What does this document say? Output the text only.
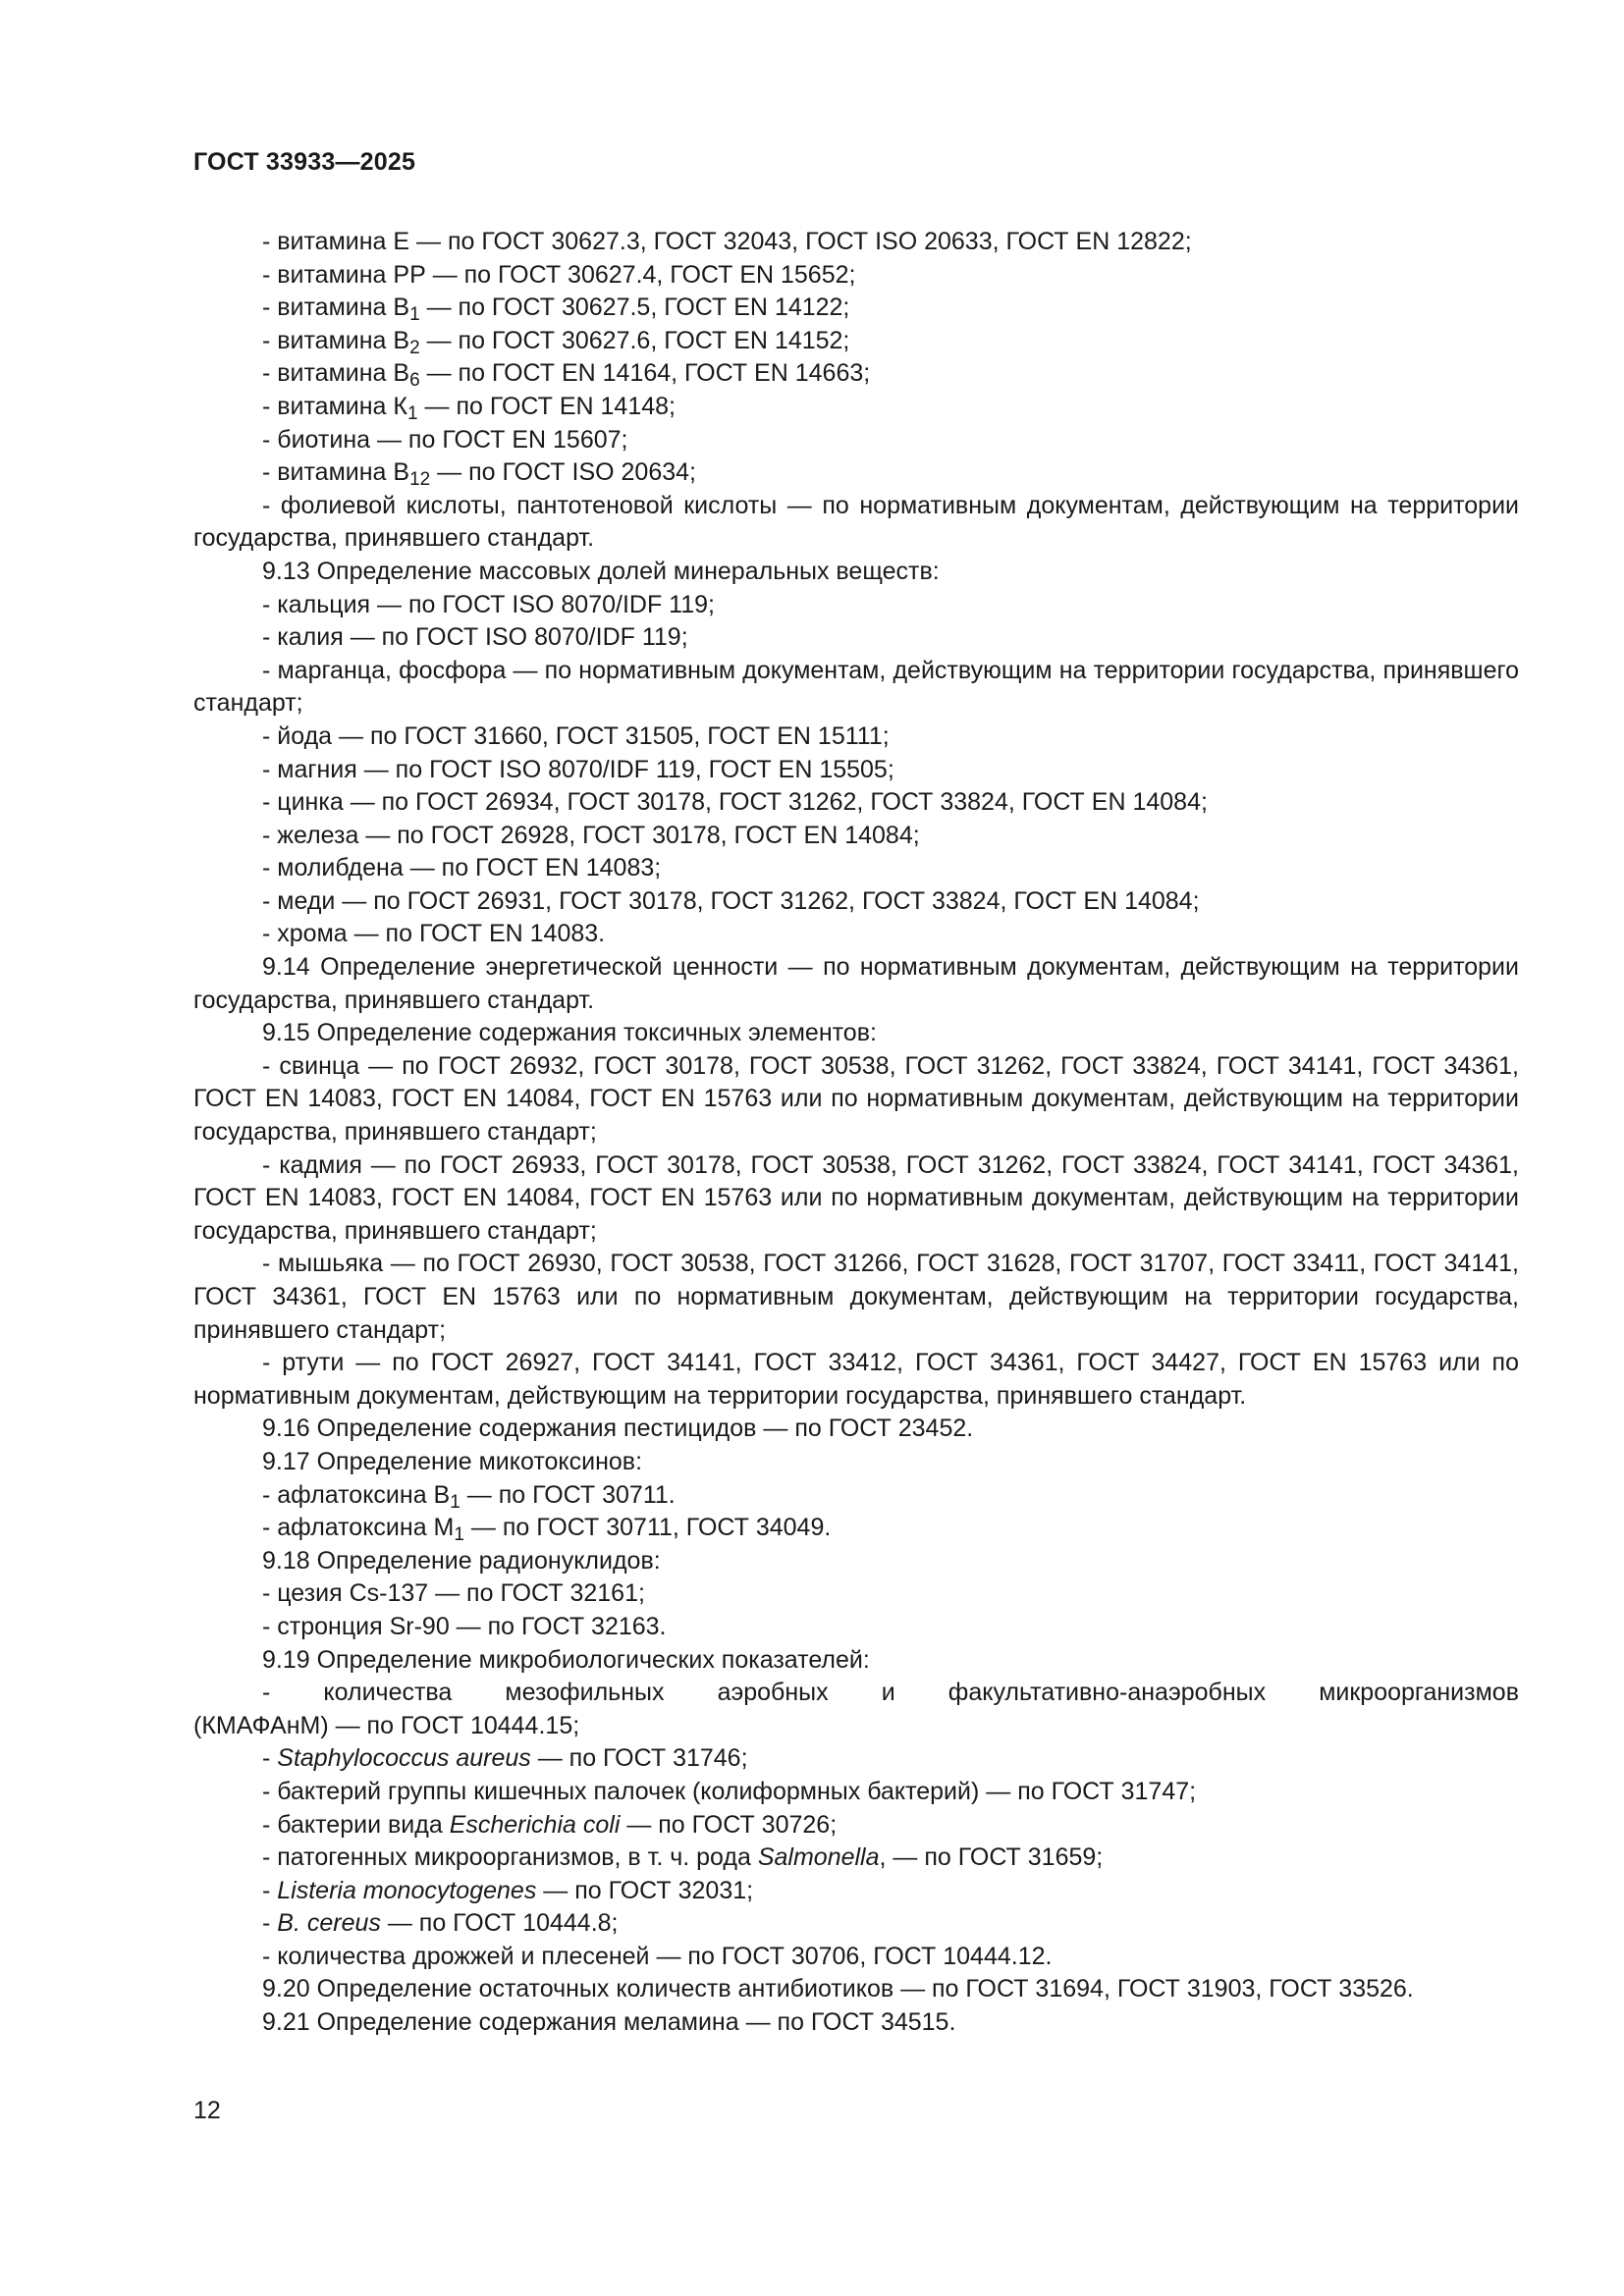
ГОСТ 33933—2025

- витамина Е — по ГОСТ 30627.3, ГОСТ 32043, ГОСТ ISO 20633, ГОСТ EN 12822;

- витамина РР — по ГОСТ 30627.4, ГОСТ EN 15652;

- витамина $В_1$ — по ГОСТ 30627.5, ГОСТ EN 14122;

- витамина $В_2$ — по ГОСТ 30627.6, ГОСТ EN 14152;

- витамина $В_6$ — по ГОСТ EN 14164, ГОСТ EN 14663;

- витамина $К_1$ — по ГОСТ EN 14148;

- биотина — по ГОСТ EN 15607;

- витамина $В_{12}$ — по ГОСТ ISO 20634;

- фолиевой кислоты, пантотеновой кислоты — по нормативным документам, действующим на территории государства, принявшего стандарт.

9.13 Определение массовых долей минеральных веществ:

- кальция — по ГОСТ ISO 8070/IDF 119;

- калия — по ГОСТ ISO 8070/IDF 119;

- марганца, фосфора — по нормативным документам, действующим на территории государства, принявшего стандарт;

- йода — по ГОСТ 31660, ГОСТ 31505, ГОСТ EN 15111;

- магния — по ГОСТ ISO 8070/IDF 119, ГОСТ EN 15505;

- цинка — по ГОСТ 26934, ГОСТ 30178, ГОСТ 31262, ГОСТ 33824, ГОСТ EN 14084;

- железа — по ГОСТ 26928, ГОСТ 30178, ГОСТ EN 14084;

- молибдена — по ГОСТ EN 14083;

- меди — по ГОСТ 26931, ГОСТ 30178, ГОСТ 31262, ГОСТ 33824, ГОСТ EN 14084;

- хрома — по ГОСТ EN 14083.

9.14 Определение энергетической ценности — по нормативным документам, действующим на территории государства, принявшего стандарт.

9.15 Определение содержания токсичных элементов:

- свинца — по ГОСТ 26932, ГОСТ 30178, ГОСТ 30538, ГОСТ 31262, ГОСТ 33824, ГОСТ 34141, ГОСТ 34361, ГОСТ EN 14083, ГОСТ EN 14084, ГОСТ EN 15763 или по нормативным документам, действующим на территории государства, принявшего стандарт;

- кадмия — по ГОСТ 26933, ГОСТ 30178, ГОСТ 30538, ГОСТ 31262, ГОСТ 33824, ГОСТ 34141, ГОСТ 34361, ГОСТ EN 14083, ГОСТ EN 14084, ГОСТ EN 15763 или по нормативным документам, действующим на территории государства, принявшего стандарт;

- мышьяка — по ГОСТ 26930, ГОСТ 30538, ГОСТ 31266, ГОСТ 31628, ГОСТ 31707, ГОСТ 33411, ГОСТ 34141, ГОСТ 34361, ГОСТ EN 15763 или по нормативным документам, действующим на территории государства, принявшего стандарт;

- ртути — по ГОСТ 26927, ГОСТ 34141, ГОСТ 33412, ГОСТ 34361, ГОСТ 34427, ГОСТ EN 15763 или по нормативным документам, действующим на территории государства, принявшего стандарт.

9.16 Определение содержания пестицидов — по ГОСТ 23452.

9.17 Определение микотоксинов:

- афлатоксина $В_1$ — по ГОСТ 30711.

- афлатоксина $М_1$ — по ГОСТ 30711, ГОСТ 34049.

9.18 Определение радионуклидов:

- цезия Cs-137 — по ГОСТ 32161;

- стронция Sr-90 — по ГОСТ 32163.

9.19 Определение микробиологических показателей:

- количества мезофильных аэробных и факультативно-анаэробных микроорганизмов

(КМАФАнМ) — по ГОСТ 10444.15;

- Staphylococcus aureus — по ГОСТ 31746;

- бактерий группы кишечных палочек (колиформных бактерий) — по ГОСТ 31747;

- бактерии вида Escherichia coli — по ГОСТ 30726;

- патогенных микроорганизмов, в т. ч. рода Salmonella, — по ГОСТ 31659;

- Listeria monocytogenes — по ГОСТ 32031;

- B. cereus — по ГОСТ 10444.8;

- количества дрожжей и плесеней — по ГОСТ 30706, ГОСТ 10444.12.

9.20 Определение остаточных количеств антибиотиков — по ГОСТ 31694, ГОСТ 31903, ГОСТ 33526.

9.21 Определение содержания меламина — по ГОСТ 34515.

12
